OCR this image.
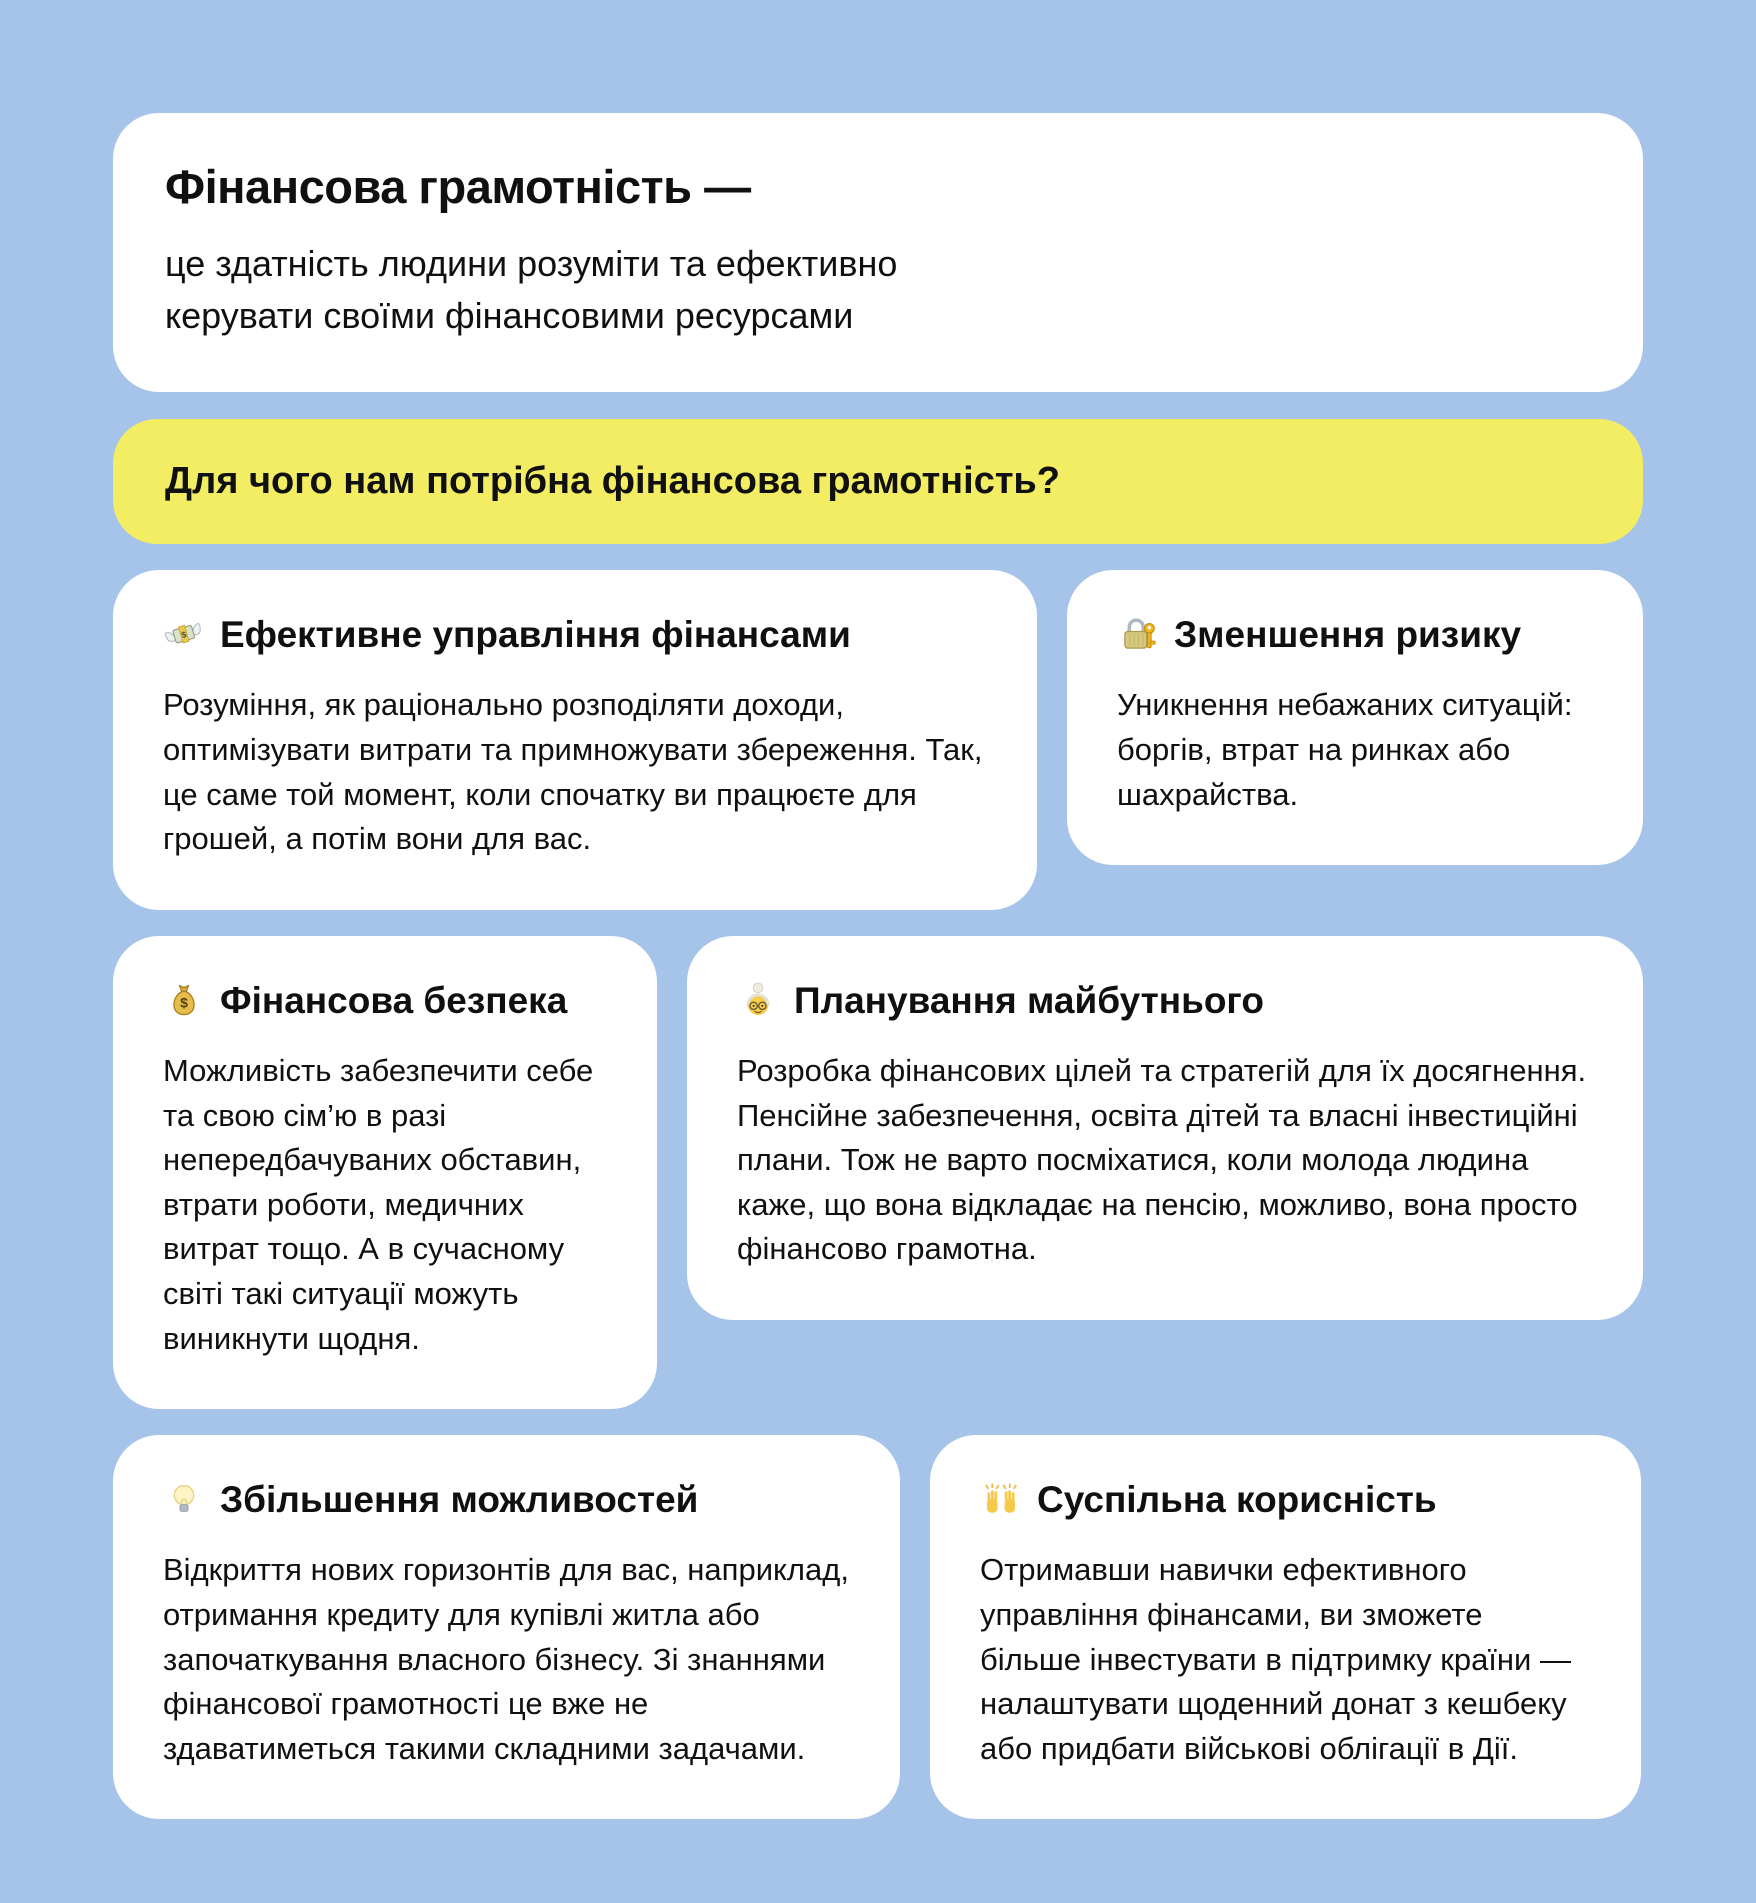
Фінансова грамотність —

це здатність людини розуміти та ефективно керувати своїми фінансовими ресурсами

Для чого нам потрібна фінансова грамотність?
$ Ефективне управління фінансами

Розуміння, як раціонально розподіляти доходи, оптимізувати витрати та примножувати збереження. Так, це саме той момент, коли спочатку ви працюєте для грошей, а потім вони для вас.

Зменшення ризику

Уникнення небажаних ситуацій: боргів, втрат на ринках або шахрайства.

$ Фінансова безпека

Можливість забезпечити себе та свою сім’ю в разі непередбачуваних обставин, втрати роботи, медичних витрат тощо. А в сучасному світі такі ситуації можуть виникнути щодня.

Планування майбутнього

Розробка фінансових цілей та стратегій для їх досягнення. Пенсійне забезпечення, освіта дітей та власні інвестиційні плани. Тож не варто посміхатися, коли молода людина каже, що вона відкладає на пенсію, можливо, вона просто фінансово грамотна.

Збільшення можливостей

Відкриття нових горизонтів для вас, наприклад, отримання кредиту для купівлі житла або започаткування власного бізнесу. Зі знаннями фінансової грамотності це вже не здаватиметься такими складними задачами.

Суспільна корисність

Отримавши навички ефективного управління фінансами, ви зможете більше інвестувати в підтримку країни — налаштувати щоденний донат з кешбеку або придбати військові облігації в Дії.
